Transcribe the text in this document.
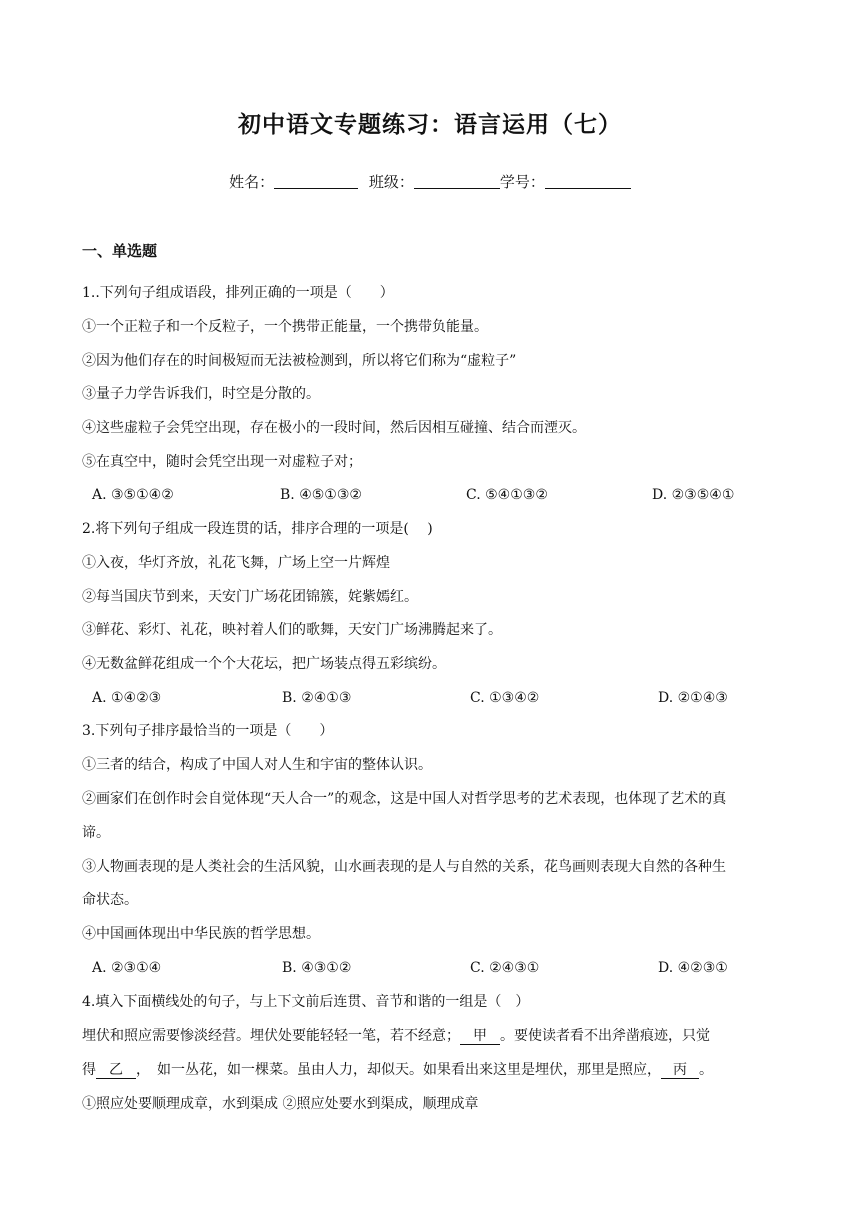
初中语文专题练习：语言运用（七）
姓名：	班级：	学号：
一、单选题
1..下列句子组成语段，排列正确的一项是（　　）
①一个正粒子和一个反粒子，一个携带正能量，一个携带负能量。
②因为他们存在的时间极短而无法被检测到，所以将它们称为“虚粒子”
③量子力学告诉我们，时空是分散的。
④这些虚粒子会凭空出现，存在极小的一段时间，然后因相互碰撞、结合而湮灭。
⑤在真空中，随时会凭空出现一对虚粒子对；
A. ③⑤①④②	B. ④⑤①③②	C. ⑤④①③②	D. ②③⑤④①
2.将下列句子组成一段连贯的话，排序合理的一项是(　 )
①入夜，华灯齐放，礼花飞舞，广场上空一片辉煌
②每当国庆节到来，天安门广场花团锦簇，姹紫嫣红。
③鲜花、彩灯、礼花，映衬着人们的歌舞，天安门广场沸腾起来了。
④无数盆鲜花组成一个个大花坛，把广场装点得五彩缤纷。
A. ①④②③	B. ②④①③	C. ①③④②	D. ②①④③
3.下列句子排序最恰当的一项是（　　）
①三者的结合，构成了中国人对人生和宇宙的整体认识。
②画家们在创作时会自觉体现“天人合一”的观念，这是中国人对哲学思考的艺术表现，也体现了艺术的真
谛。
③人物画表现的是人类社会的生活风貌，山水画表现的是人与自然的关系，花鸟画则表现大自然的各种生
命状态。
④中国画体现出中华民族的哲学思想。
A. ②③①④	B. ④③①②	C. ②④③①	D. ④②③①
4.填入下面横线处的句子，与上下文前后连贯、音节和谐的一组是（　）
埋伏和照应需要惨淡经营。埋伏处要能轻轻一笔，若不经意； 甲 。要使读者看不出斧凿痕迹，只觉
得 乙 ，　如一丛花，如一棵菜。虽由人力，却似天。如果看出来这里是埋伏，那里是照应， 丙 。
①照应处要顺理成章，水到渠成 ②照应处要水到渠成，顺理成章
